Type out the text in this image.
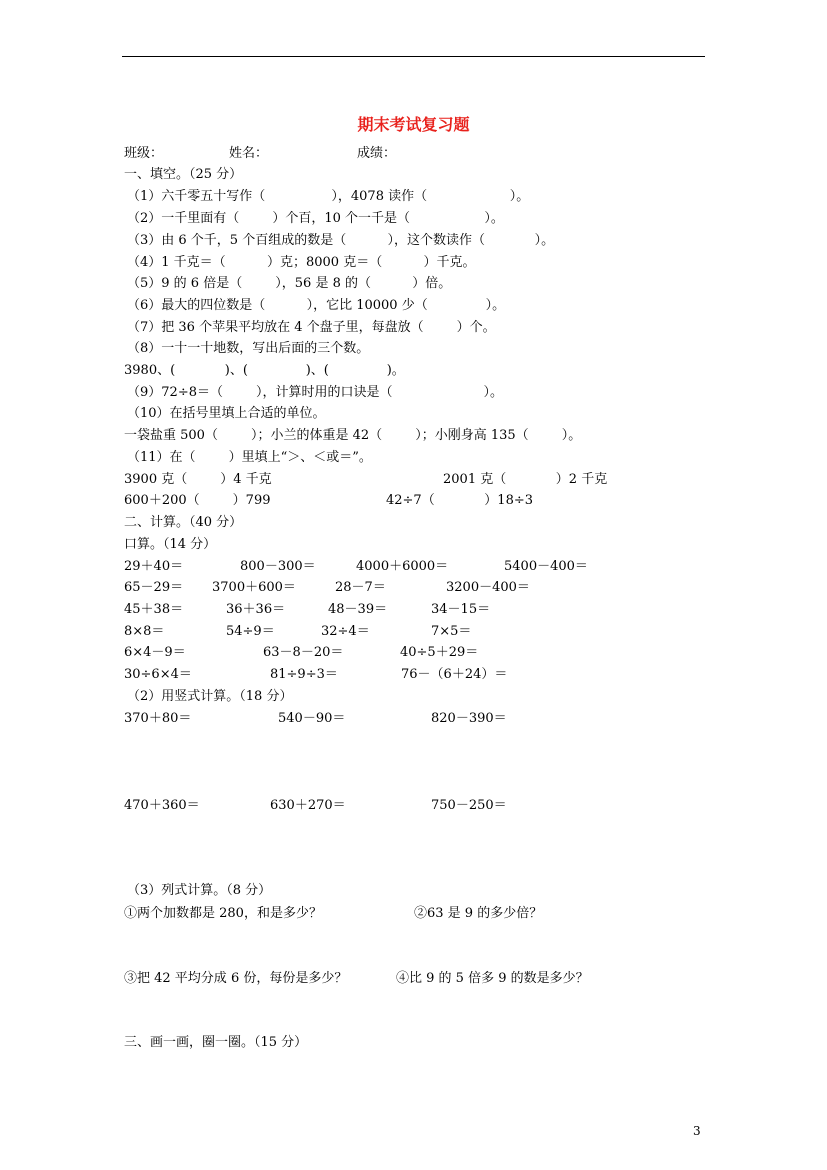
期末考试复习题
班级：	姓名：	成绩：
一、填空。（25 分）
（1）六千零五十写作（                ），4078 读作（                    ）。
（2）一千里面有（        ）个百，10 个一千是（                  ）。
（3）由 6 个千，5 个百组成的数是（          ），这个数读作（            ）。
（4）1 千克＝（          ）克；8000 克＝（          ）千克。
（5）9 的 6 倍是（        ），56 是 8 的（          ）倍。
（6）最大的四位数是（          ），它比 10000 少（              ）。
（7）把 36 个苹果平均放在 4 个盘子里，每盘放（        ）个。
（8）一十一十地数，写出后面的三个数。
3980、(            )、(              )、(              )。
（9）72÷8＝（        ），计算时用的口诀是（                      ）。
（10）在括号里填上合适的单位。
一袋盐重 500（        ）；小兰的体重是 42（        ）；小刚身高 135（        ）。
（11）在（        ）里填上“＞、＜或＝”。
3900 克（        ）4 千克	2001 克（            ）2 千克
600＋200（        ）799	42÷7（            ）18÷3
二、计算。（40 分）
口算。（14 分）
29＋40＝	800－300＝	4000＋6000＝	5400－400＝
65－29＝ 3700＋600＝	28－7＝	3200－400＝
45＋38＝	36＋36＝	48－39＝	34－15＝
8×8＝	54÷9＝	32÷4＝	7×5＝
6×4－9＝	63－8－20＝	40÷5＋29＝
30÷6×4＝	81÷9÷3＝	76－（6＋24）＝
（2）用竖式计算。（18 分）
370＋80＝	540－90＝	820－390＝
470＋360＝	630＋270＝	750－250＝
（3）列式计算。（8 分）
①两个加数都是 280，和是多少？	②63 是 9 的多少倍？
③把 42 平均分成 6 份，每份是多少？	④比 9 的 5 倍多 9 的数是多少？
三、画一画，圈一圈。（15 分）
3
